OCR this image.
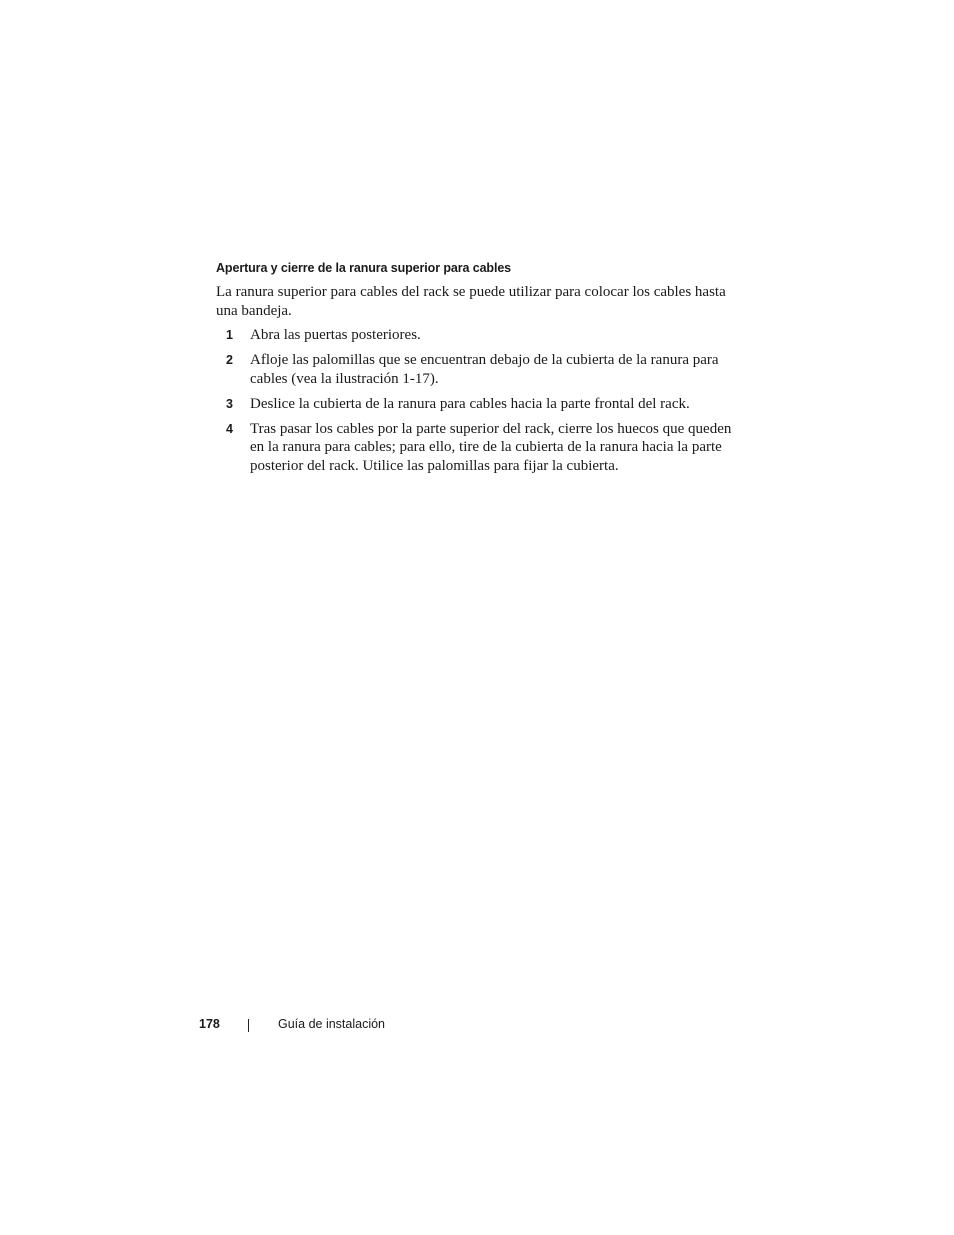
Apertura y cierre de la ranura superior para cables

La ranura superior para cables del rack se puede utilizar para colocar los cables hasta una bandeja.

1 Abra las puertas posteriores.
2 Afloje las palomillas que se encuentran debajo de la cubierta de la ranura para cables (vea la ilustración 1-17).
3 Deslice la cubierta de la ranura para cables hacia la parte frontal del rack.
4 Tras pasar los cables por la parte superior del rack, cierre los huecos que queden en la ranura para cables; para ello, tire de la cubierta de la ranura hacia la parte posterior del rack. Utilice las palomillas para fijar la cubierta.
178	Guía de instalación
